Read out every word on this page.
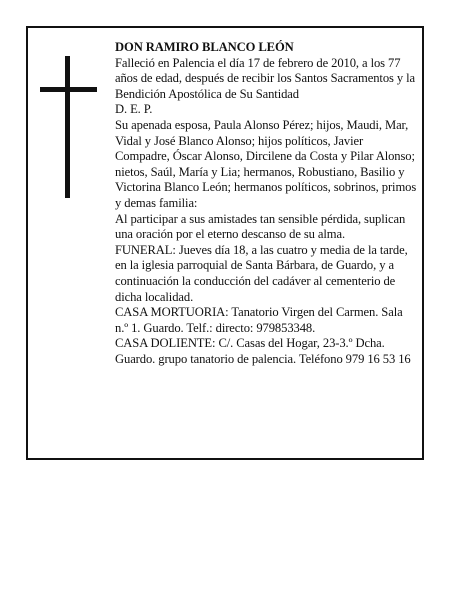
DON RAMIRO BLANCO LEÓN

Falleció en Palencia el día 17 de febrero de 2010, a los 77 años de edad, después de recibir los Santos Sacramentos y la Bendición Apostólica de Su Santidad

D. E. P.

Su apenada esposa, Paula Alonso Pérez; hijos, Maudi, Mar, Vidal y José Blanco Alonso; hijos políticos, Javier Compadre, Óscar Alonso, Dircilene da Costa y Pilar Alonso; nietos, Saúl, María y Lia; hermanos, Robustiano, Basilio y Victorina Blanco León; hermanos políticos, sobrinos, primos y demas familia:

Al participar a sus amistades tan sensible pérdida, suplican una oración por el eterno descanso de su alma.

FUNERAL: Jueves día 18, a las cuatro y media de la tarde, en la iglesia parroquial de Santa Bárbara, de Guardo, y a continuación la conducción del cadáver al cementerio de dicha localidad.

CASA MORTUORIA: Tanatorio Virgen del Carmen. Sala n.º 1. Guardo. Telf.: directo: 979853348.

CASA DOLIENTE: C/. Casas del Hogar, 23-3.º Dcha. Guardo. grupo tanatorio de palencia. Teléfono 979 16 53 16
